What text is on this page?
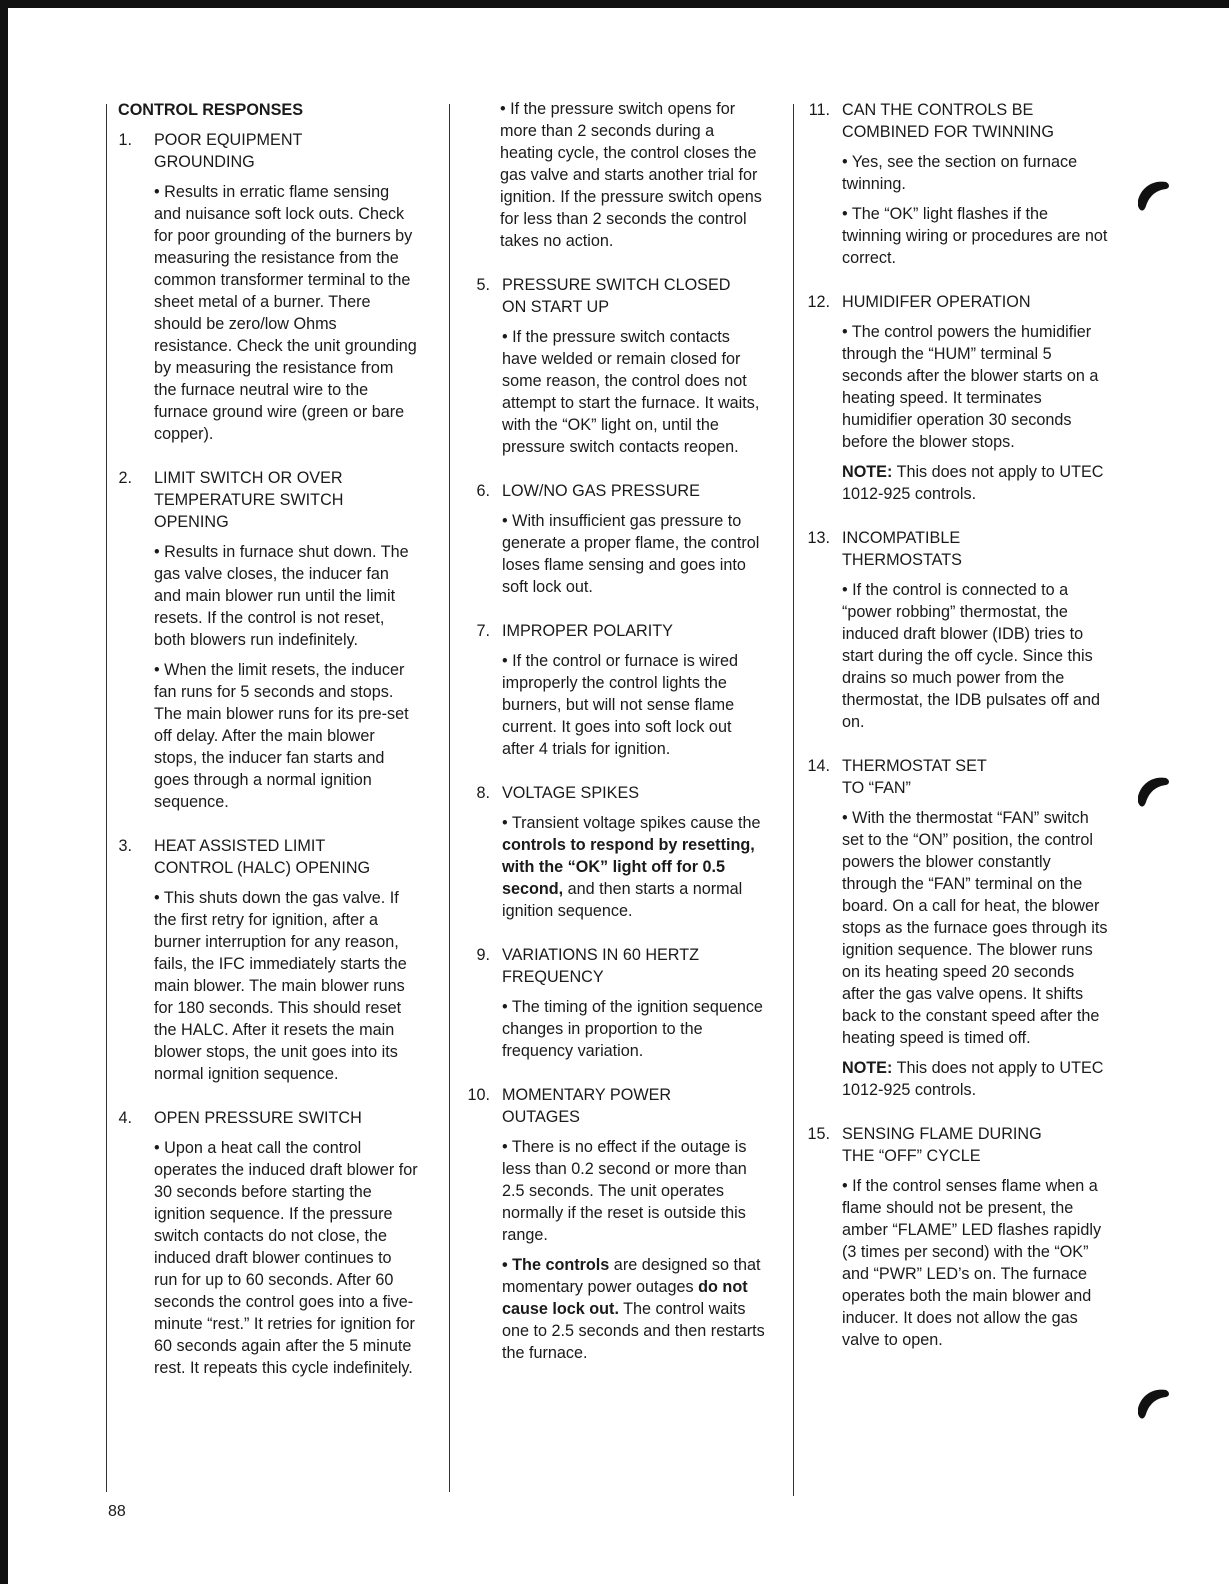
CONTROL RESPONSES
1. POOR EQUIPMENT
GROUNDING
• Results in erratic flame sensing and nuisance soft lock outs. Check for poor grounding of the burners by measuring the resistance from the common transformer terminal to the sheet metal of a burner. There should be zero/low Ohms resistance. Check the unit grounding by measuring the resistance from the furnace neutral wire to the furnace ground wire (green or bare copper).
2. LIMIT SWITCH OR OVER
TEMPERATURE SWITCH
OPENING
• Results in furnace shut down. The gas valve closes, the inducer fan and main blower run until the limit resets. If the control is not reset, both blowers run indefinitely.
• When the limit resets, the inducer fan runs for 5 seconds and stops. The main blower runs for its pre-set off delay. After the main blower stops, the inducer fan starts and goes through a normal ignition sequence.
3. HEAT ASSISTED LIMIT
CONTROL (HALC) OPENING
• This shuts down the gas valve. If the first retry for ignition, after a burner interruption for any reason, fails, the IFC immediately starts the main blower. The main blower runs for 180 seconds. This should reset the HALC. After it resets the main blower stops, the unit goes into its normal ignition sequence.
4. OPEN PRESSURE SWITCH
• Upon a heat call the control operates the induced draft blower for 30 seconds before starting the ignition sequence. If the pressure switch contacts do not close, the induced draft blower continues to run for up to 60 seconds. After 60 seconds the control goes into a five-minute “rest.” It retries for ignition for 60 seconds again after the 5 minute rest. It repeats this cycle indefinitely.
• If the pressure switch opens for more than 2 seconds during a heating cycle, the control closes the gas valve and starts another trial for ignition. If the pressure switch opens for less than 2 seconds the control takes no action.
5. PRESSURE SWITCH CLOSED
ON START UP
• If the pressure switch contacts have welded or remain closed for some reason, the control does not attempt to start the furnace. It waits, with the “OK” light on, until the pressure switch contacts reopen.
6. LOW/NO GAS PRESSURE
• With insufficient gas pressure to generate a proper flame, the control loses flame sensing and goes into soft lock out.
7. IMPROPER POLARITY
• If the control or furnace is wired improperly the control lights the burners, but will not sense flame current. It goes into soft lock out after 4 trials for ignition.
8. VOLTAGE SPIKES
• Transient voltage spikes cause the controls to respond by resetting, with the “OK” light off for 0.5 second, and then starts a normal ignition sequence.
9. VARIATIONS IN 60 HERTZ
FREQUENCY
• The timing of the ignition sequence changes in proportion to the frequency variation.
10. MOMENTARY POWER
OUTAGES
• There is no effect if the outage is less than 0.2 second or more than 2.5 seconds. The unit operates normally if the reset is outside this range.
• The controls are designed so that momentary power outages do not cause lock out. The control waits one to 2.5 seconds and then restarts the furnace.
11. CAN THE CONTROLS BE
COMBINED FOR TWINNING
• Yes, see the section on furnace twinning.
• The “OK” light flashes if the twinning wiring or procedures are not correct.
12. HUMIDIFER OPERATION
• The control powers the humidifier through the “HUM” terminal 5 seconds after the blower starts on a heating speed. It terminates humidifier operation 30 seconds before the blower stops.
NOTE: This does not apply to UTEC 1012-925 controls.
13. INCOMPATIBLE
THERMOSTATS
• If the control is connected to a “power robbing” thermostat, the induced draft blower (IDB) tries to start during the off cycle. Since this drains so much power from the thermostat, the IDB pulsates off and on.
14. THERMOSTAT SET
TO “FAN”
• With the thermostat “FAN” switch set to the “ON” position, the control powers the blower constantly through the “FAN” terminal on the board. On a call for heat, the blower stops as the furnace goes through its ignition sequence. The blower runs on its heating speed 20 seconds after the gas valve opens. It shifts back to the constant speed after the heating speed is timed off.
NOTE: This does not apply to UTEC 1012-925 controls.
15. SENSING FLAME DURING
THE “OFF” CYCLE
• If the control senses flame when a flame should not be present, the amber “FLAME” LED flashes rapidly (3 times per second) with the “OK” and “PWR” LED’s on. The furnace operates both the main blower and inducer. It does not allow the gas valve to open.
88
